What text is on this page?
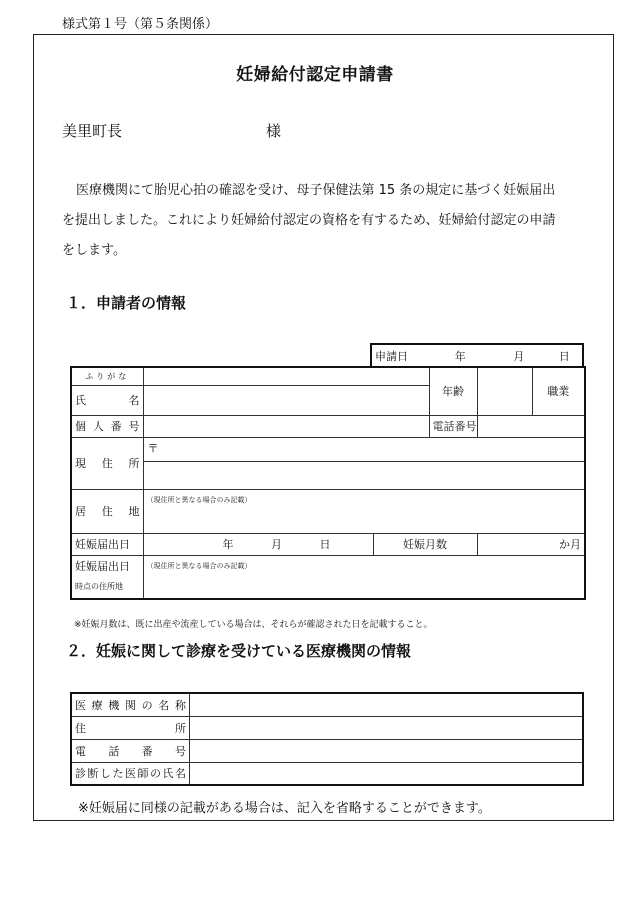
様式第１号（第５条関係）
妊婦給付認定申請書
美里町長	様
医療機関にて胎児心拍の確認を受け、母子保健法第 15 条の規定に基づく妊娠届出
を提出しました。これにより妊婦給付認定の資格を有するため、妊婦給付認定の申請
をします。
１．申請者の情報
申請日		年		月	日
ふりがな			年齢		職業
氏　　名					
個人番号			電話番号		
現　住　所	〒				

居　住　地	（現住所と異なる場合のみ記載）				
妊娠届出日	年 月 日	妊娠月数		か月	

妊娠届出日
時点の住所地	（現住所と異なる場合のみ記載）				
※妊娠月数は、既に出産や流産している場合は、それらが確認された日を記載すること。
２．妊娠に関して診療を受けている医療機関の情報
医療機関の名称	
住　　　　所	
電　話　番　号	
診断した医師の氏名	
※妊娠届に同様の記載がある場合は、記入を省略することができます。
